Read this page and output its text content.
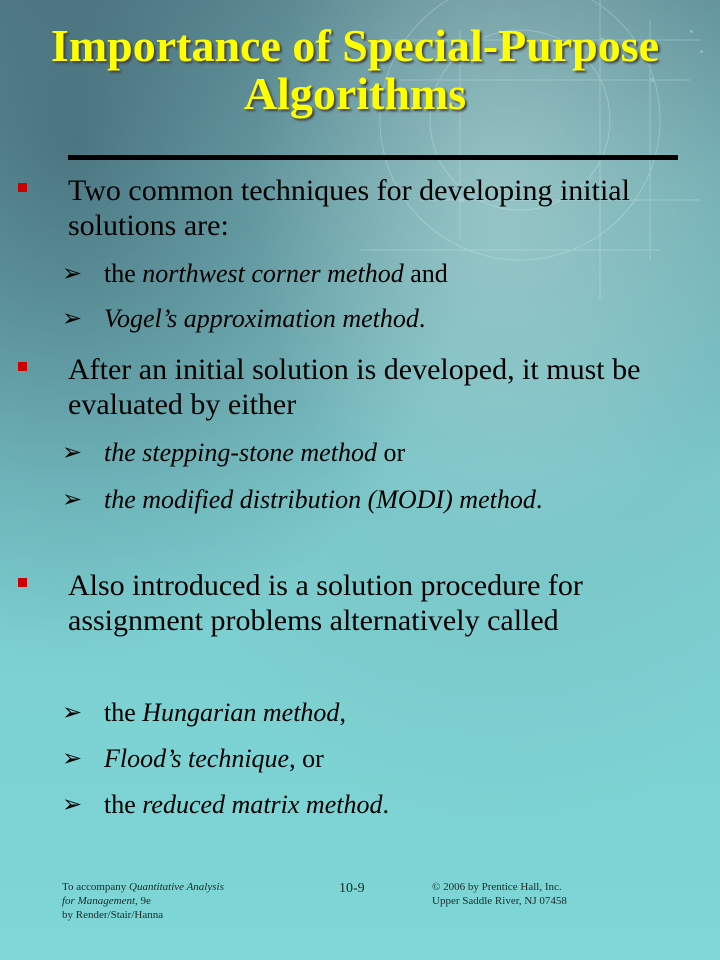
Importance of Special-Purpose Algorithms
Two common techniques for developing initial solutions are:
➢ the northwest corner method and
➢ Vogel’s approximation method.
After an initial solution is developed, it must be evaluated by either
➢ the stepping-stone method or
➢ the modified distribution (MODI) method.
Also introduced is a solution procedure for assignment problems alternatively called
➢ the Hungarian method,
➢ Flood’s technique, or
➢ the reduced matrix method.
To accompany Quantitative Analysis
for Management, 9e
by Render/Stair/Hanna
10-9	© 2006 by Prentice Hall, Inc.
Upper Saddle River, NJ 07458
